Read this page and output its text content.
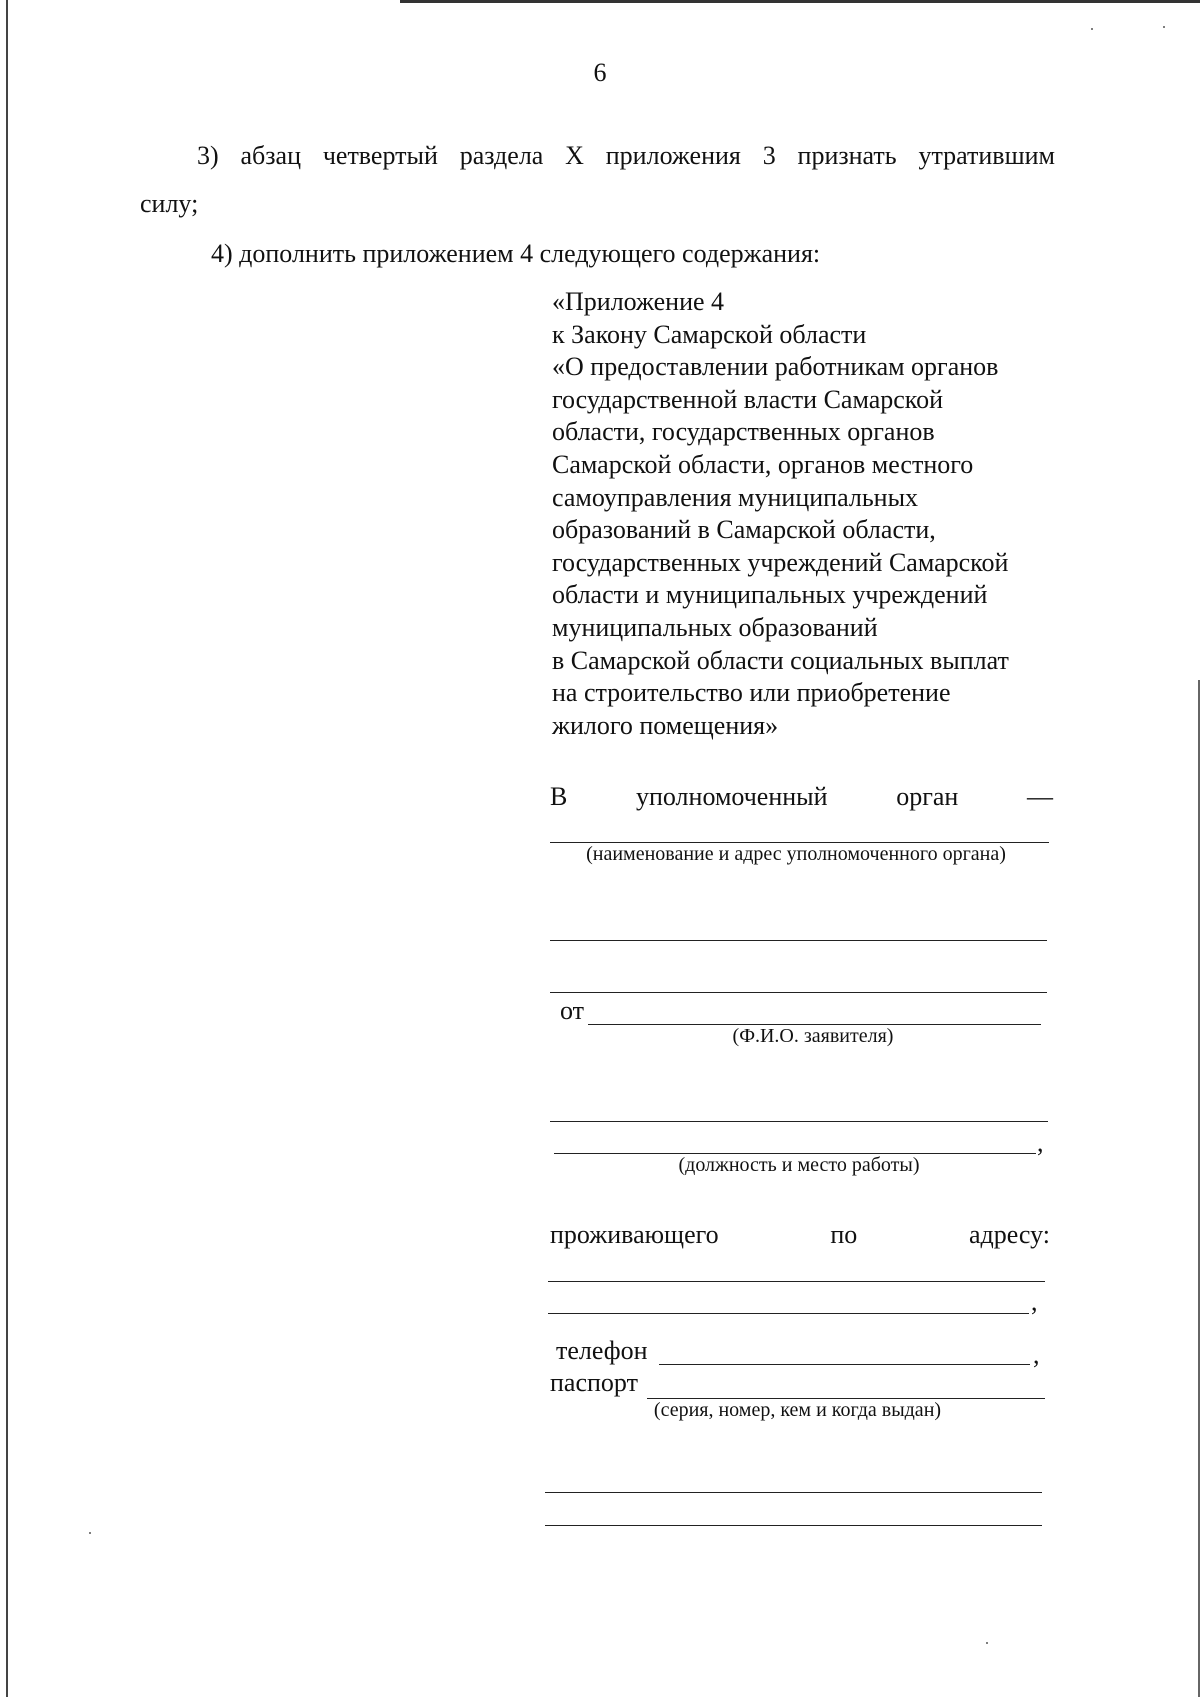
6
3) абзац четвертый раздела X приложения 3 признать утратившим
силу;
4) дополнить приложением 4 следующего содержания:
«Приложение 4
к Закону Самарской области
«О предоставлении работникам органов
государственной власти Самарской
области, государственных органов
Самарской области, органов местного
самоуправления муниципальных
образований в Самарской области,
государственных учреждений Самарской
области и муниципальных учреждений
муниципальных образований
в Самарской области социальных выплат
на строительство или приобретение
жилого помещения»
В	уполномоченный	орган	—
(наименование и адрес уполномоченного органа)
от
(Ф.И.О. заявителя)
,
(должность и место работы)
проживающего	по	адресу:
,
телефон	,
паспорт
(серия, номер, кем и когда выдан)
